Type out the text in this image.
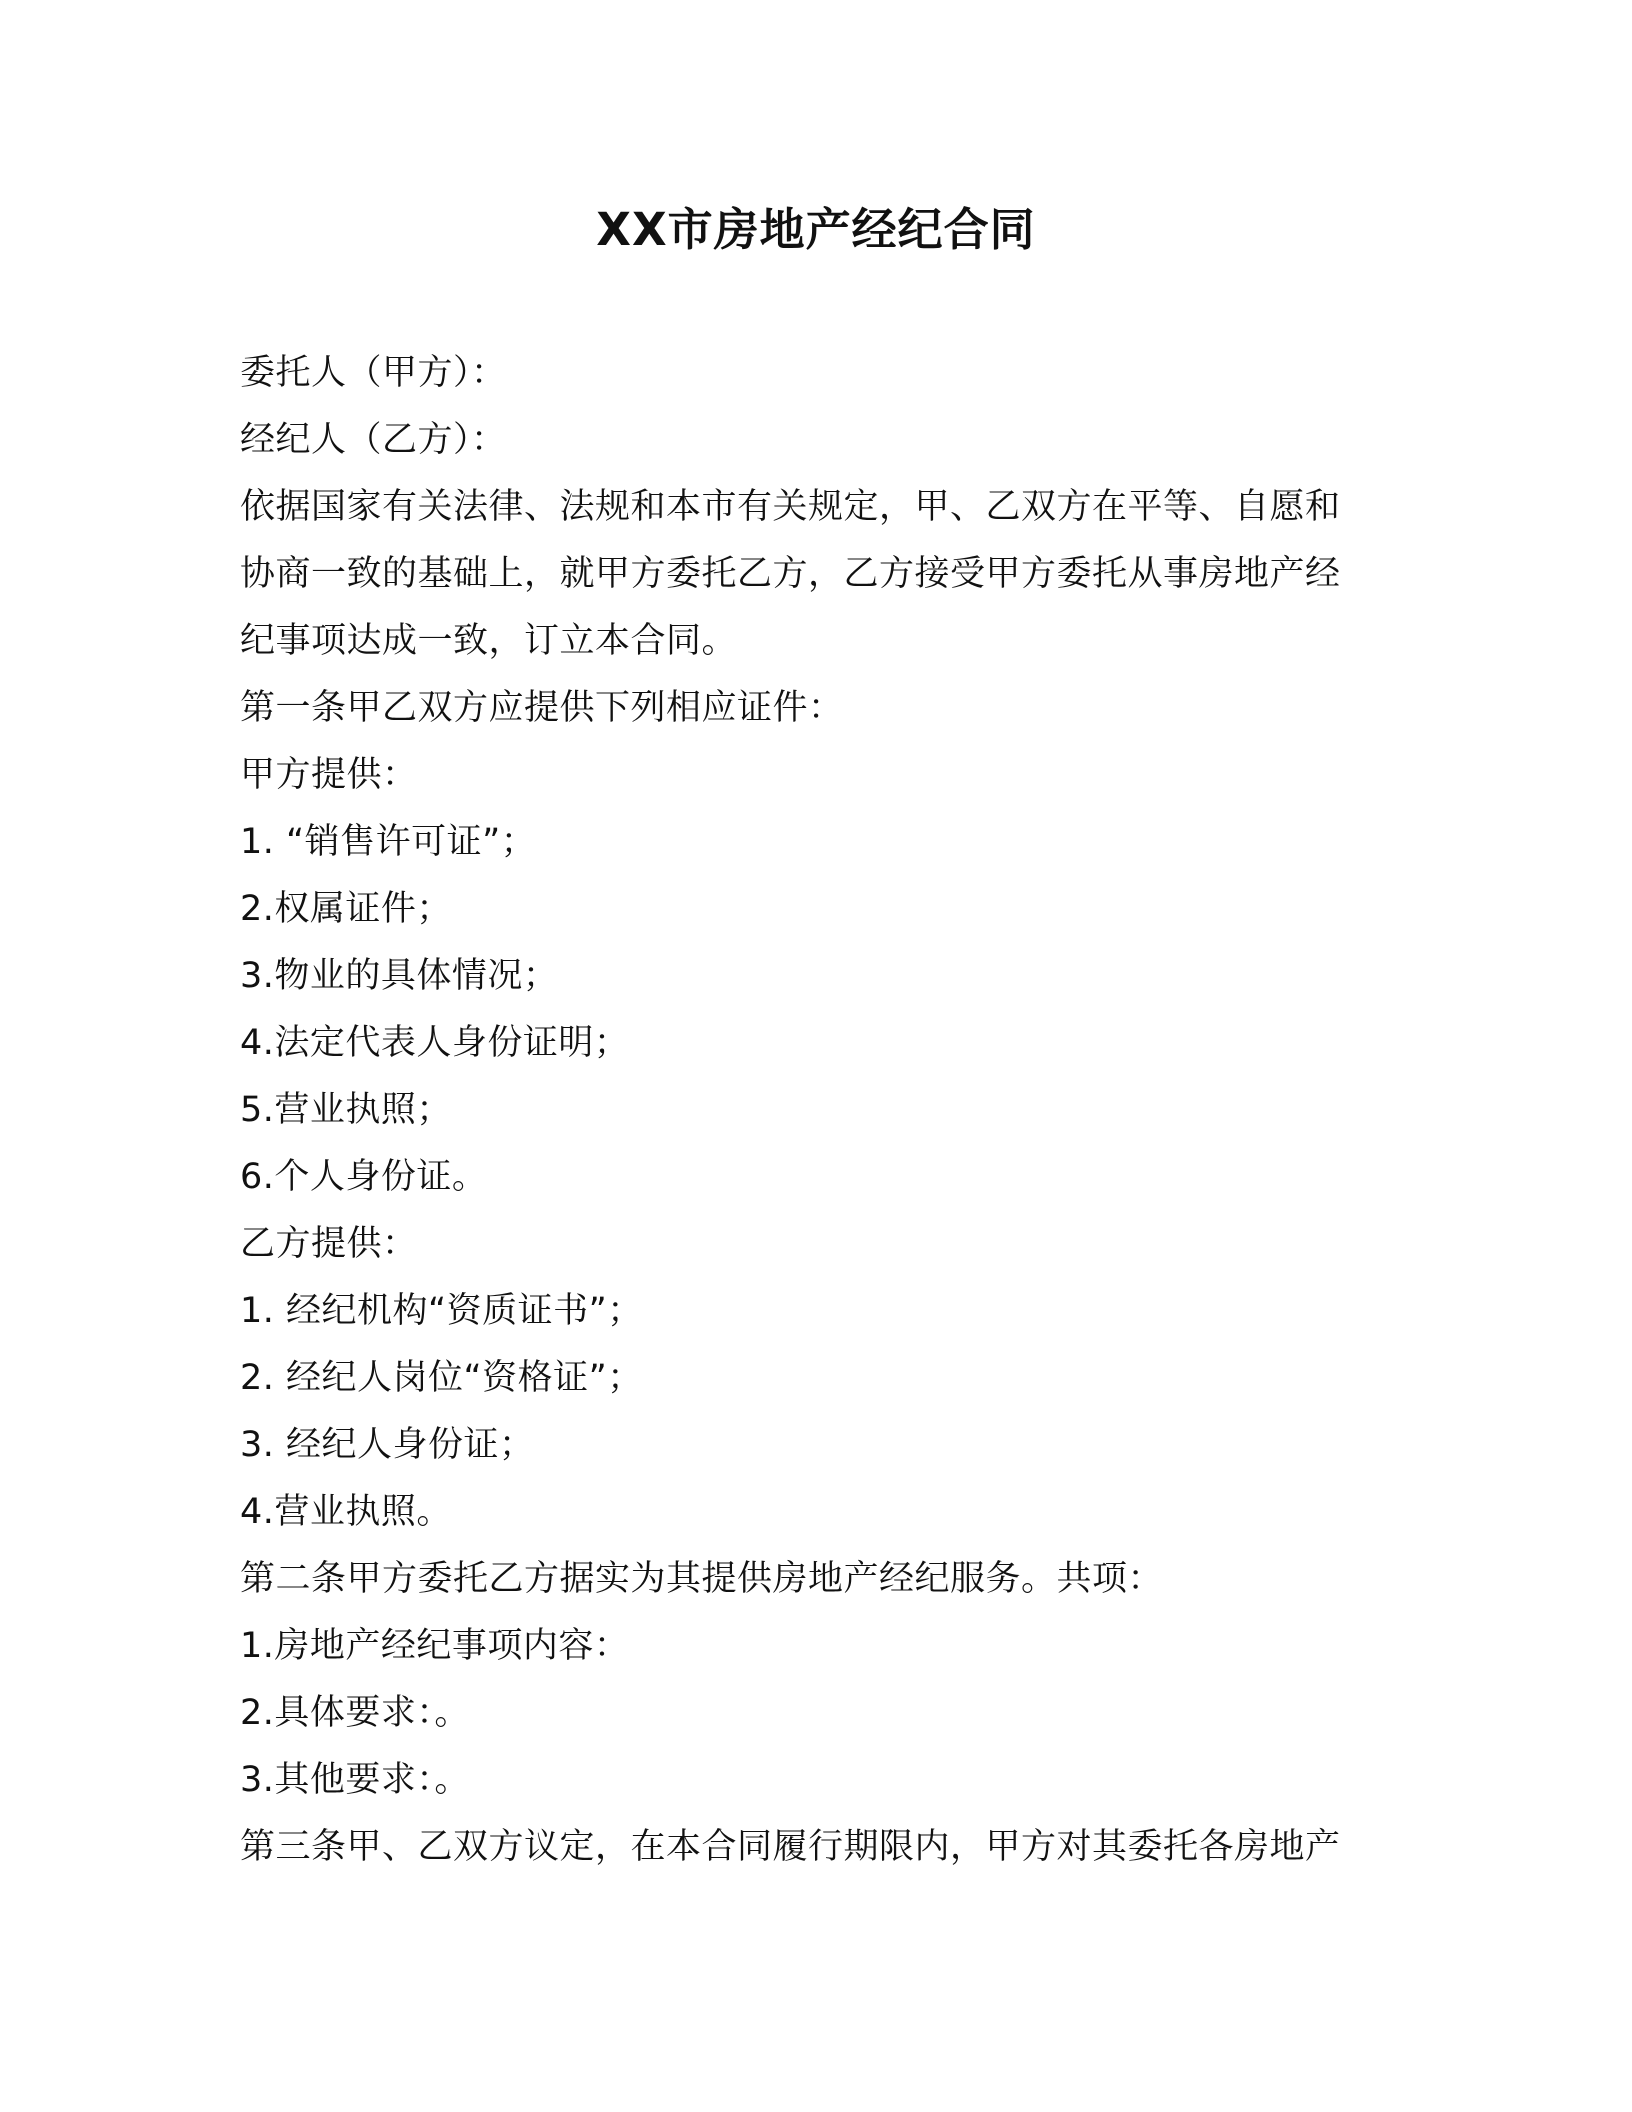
XX市房地产经纪合同
委托人（甲方）：
经纪人（乙方）：
依据国家有关法律、法规和本市有关规定，甲、乙双方在平等、自愿和
协商一致的基础上，就甲方委托乙方，乙方接受甲方委托从事房地产经
纪事项达成一致，订立本合同。
第一条甲乙双方应提供下列相应证件：
甲方提供：
1. “销售许可证”；
2.权属证件；
3.物业的具体情况；
4.法定代表人身份证明；
5.营业执照；
6.个人身份证。
乙方提供：
1. 经纪机构“资质证书”；
2. 经纪人岗位“资格证”；
3. 经纪人身份证；
4.营业执照。
第二条甲方委托乙方据实为其提供房地产经纪服务。共项：
1.房地产经纪事项内容：
2.具体要求：。
3.其他要求：。
第三条甲、乙双方议定，在本合同履行期限内，甲方对其委托各房地产
